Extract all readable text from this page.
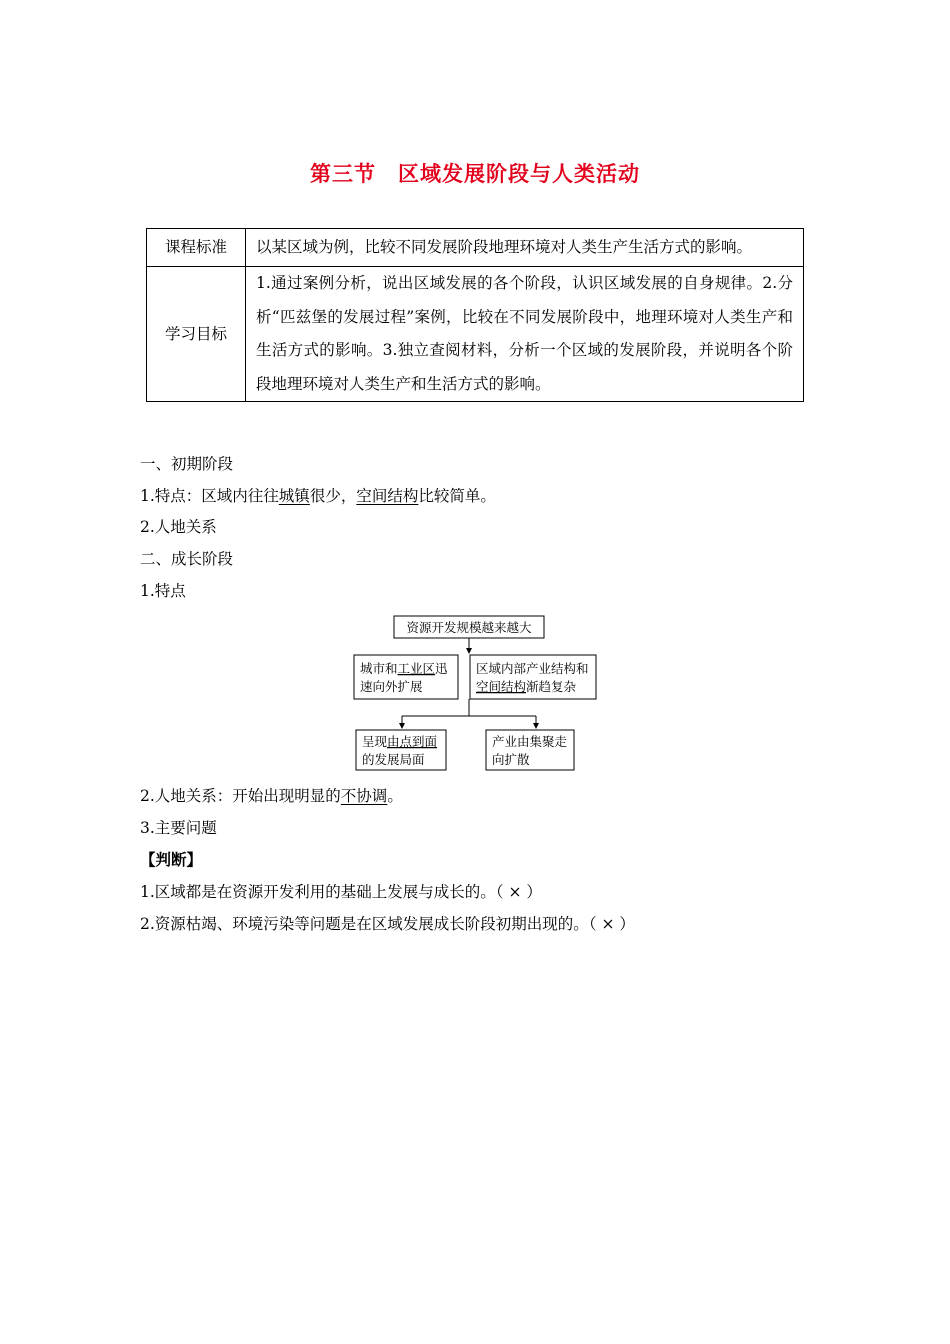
第三节　区域发展阶段与人类活动
课程标准	以某区域为例，比较不同发展阶段地理环境对人类生产生活方式的影响。
学习目标	1.通过案例分析，说出区域发展的各个阶段，认识区域发展的自身规律。2.分析“匹兹堡的发展过程”案例，比较在不同发展阶段中，地理环境对人类生产和生活方式的影响。3.独立查阅材料，分析一个区域的发展阶段，并说明各个阶段地理环境对人类生产和生活方式的影响。
一、初期阶段
1.特点：区域内往往城镇很少，空间结构比较简单。
2.人地关系
二、成长阶段
1.特点
资源开发规模越来越大
城市和工业区迅
速向外扩展
区域内部产业结构和
空间结构渐趋复杂
呈现由点到面
的发展局面
产业由集聚走
向扩散
2.人地关系：开始出现明显的不协调。
3.主要问题
【判断】
1.区域都是在资源开发利用的基础上发展与成长的。（ × ）
2.资源枯竭、环境污染等问题是在区域发展成长阶段初期出现的。（ × ）
